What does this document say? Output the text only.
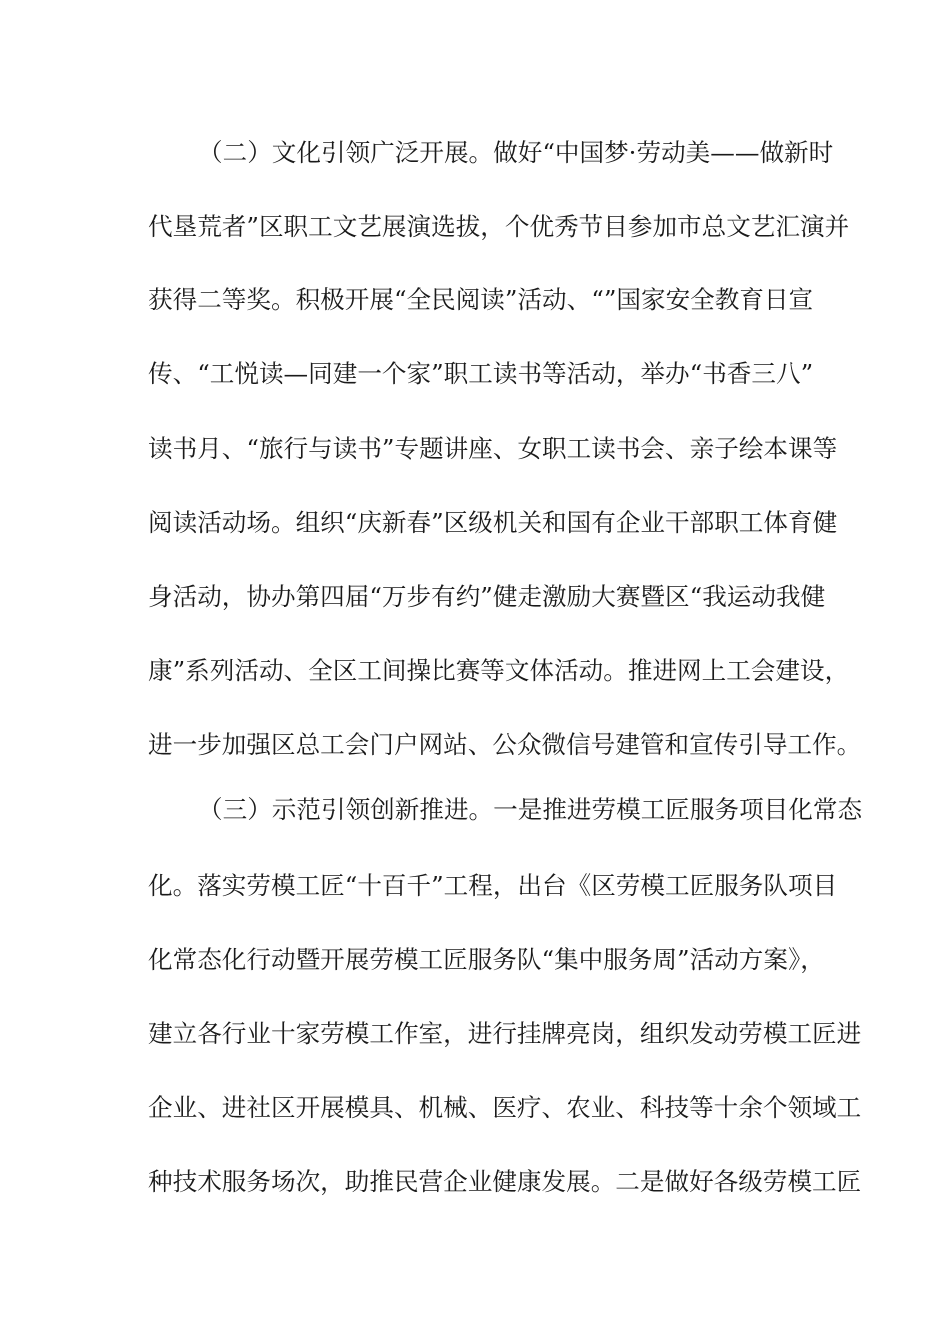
（二）文化引领广泛开展。做好“中国梦·劳动美——做新时
代垦荒者”区职工文艺展演选拔，个优秀节目参加市总文艺汇演并
获得二等奖。积极开展“全民阅读”活动、“”国家安全教育日宣
传、“工悦读—同建一个家”职工读书等活动，举办“书香三八”
读书月、“旅行与读书”专题讲座、女职工读书会、亲子绘本课等
阅读活动场。组织“庆新春”区级机关和国有企业干部职工体育健
身活动，协办第四届“万步有约”健走激励大赛暨区“我运动我健
康”系列活动、全区工间操比赛等文体活动。推进网上工会建设，
进一步加强区总工会门户网站、公众微信号建管和宣传引导工作。
（三）示范引领创新推进。一是推进劳模工匠服务项目化常态
化。落实劳模工匠“十百千”工程，出台《区劳模工匠服务队项目
化常态化行动暨开展劳模工匠服务队“集中服务周”活动方案》，
建立各行业十家劳模工作室，进行挂牌亮岗，组织发动劳模工匠进
企业、进社区开展模具、机械、医疗、农业、科技等十余个领域工
种技术服务场次，助推民营企业健康发展。二是做好各级劳模工匠
